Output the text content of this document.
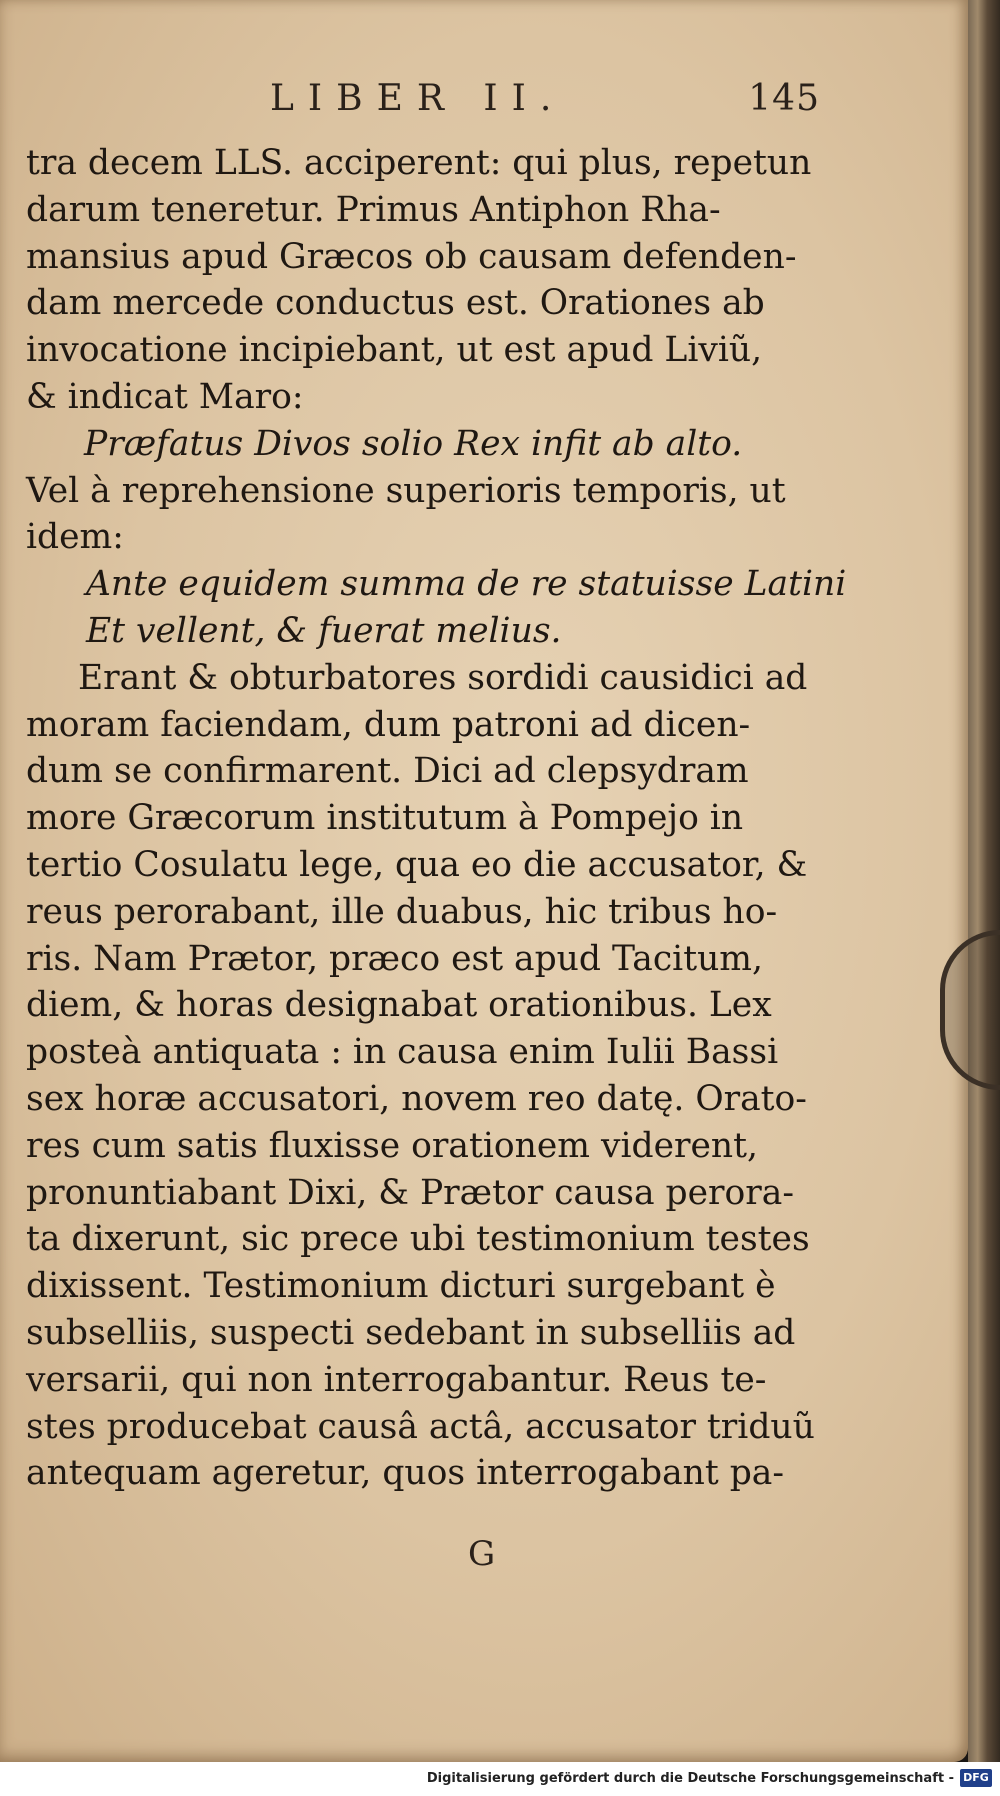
LIBER II.	145
tra decem LLS. acciperent: qui plus, repetun
darum teneretur. Primus Antiphon Rha-
mansius apud Græcos ob causam defenden-
dam mercede conductus est. Orationes ab
invocatione incipiebant, ut est apud Liviũ,
& indicat Maro:
Præfatus Divos solio Rex infit ab alto.
Vel à reprehensione superioris temporis, ut
idem:
Ante equidem summa de re statuisse Latini
Et vellent, & fuerat melius.
Erant & obturbatores sordidi causidici ad
moram faciendam, dum patroni ad dicen-
dum se confirmarent. Dici ad clepsydram
more Græcorum institutum à Pompejo in
tertio Cosulatu lege, qua eo die accusator, &
reus perorabant, ille duabus, hic tribus ho-
ris. Nam Prætor, præco est apud Tacitum,
diem, & horas designabat orationibus. Lex
posteà antiquata : in causa enim Iulii Bassi
sex horæ accusatori, novem reo datę. Orato-
res cum satis fluxisse orationem viderent,
pronuntiabant Dixi, & Prætor causa perora-
ta dixerunt, sic prece ubi testimonium testes
dixissent. Testimonium dicturi surgebant è
subselliis, suspecti sedebant in subselliis ad
versarii, qui non interrogabantur. Reus te-
stes producebat causâ actâ, accusator triduũ
antequam ageretur, quos interrogabant pa-
G
Digitalisierung gefördert durch die Deutsche Forschungsgemeinschaft - DFG
